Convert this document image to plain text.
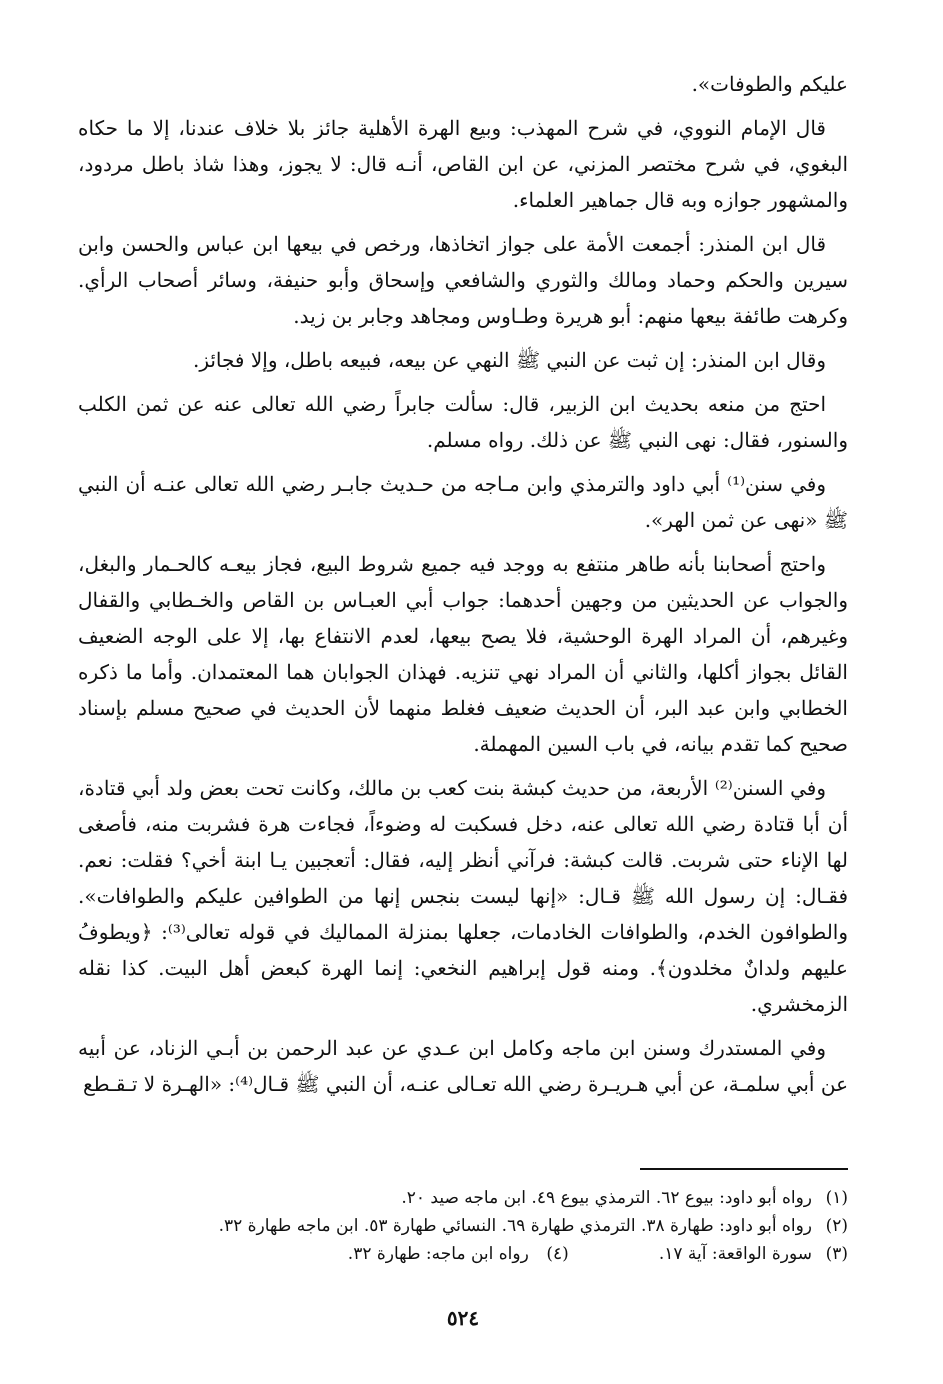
عليكم والطوفات».

قال الإمام النووي، في شرح المهذب: وبيع الهرة الأهلية جائز بلا خلاف عندنا، إلا ما حكاه البغوي، في شرح مختصر المزني، عن ابن القاص، أنـه قال: لا يجوز، وهذا شاذ باطل مردود، والمشهور جوازه وبه قال جماهير العلماء.

قال ابن المنذر: أجمعت الأمة على جواز اتخاذها، ورخص في بيعها ابن عباس والحسن وابن سيرين والحكم وحماد ومالك والثوري والشافعي وإسحاق وأبو حنيفة، وسائر أصحاب الرأي. وكرهت طائفة بيعها منهم: أبو هريرة وطـاوس ومجاهد وجابر بن زيد.

وقال ابن المنذر: إن ثبت عن النبي ﷺ النهي عن بيعه، فبيعه باطل، وإلا فجائز.

احتج من منعه بحديث ابن الزبير، قال: سألت جابراً رضي الله تعالى عنه عن ثمن الكلب والسنور، فقال: نهى النبي ﷺ عن ذلك. رواه مسلم.

وفي سنن⁽¹⁾ أبي داود والترمذي وابن مـاجه من حـديث جابـر رضي الله تعالى عنـه أن النبي ﷺ «نهى عن ثمن الهر».

واحتج أصحابنا بأنه طاهر منتفع به ووجد فيه جميع شروط البيع، فجاز بيعـه كالحـمار والبغل، والجواب عن الحديثين من وجهين أحدهما: جواب أبي العبـاس بن القاص والخـطابي والقفال وغيرهم، أن المراد الهرة الوحشية، فلا يصح بيعها، لعدم الانتفاع بها، إلا على الوجه الضعيف القائل بجواز أكلها، والثاني أن المراد نهي تنزيه. فهذان الجوابان هما المعتمدان. وأما ما ذكره الخطابي وابن عبد البر، أن الحديث ضعيف فغلط منهما لأن الحديث في صحيح مسلم بإسناد صحيح كما تقدم بيانه، في باب السين المهملة.

وفي السنن⁽²⁾ الأربعة، من حديث كبشة بنت كعب بن مالك، وكانت تحت بعض ولد أبي قتادة، أن أبا قتادة رضي الله تعالى عنه، دخل فسكبت له وضوءاً، فجاءت هرة فشربت منه، فأصغى لها الإناء حتى شربت. قالت كبشة: فرآني أنظر إليه، فقال: أتعجبين يـا ابنة أخي؟ فقلت: نعم. فقـال: إن رسول الله ﷺ قـال: «إنها ليست بنجس إنها من الطوافين عليكم والطوافات». والطوافون الخدم، والطوافات الخادمات، جعلها بمنزلة المماليك في قوله تعالى⁽³⁾: ﴿ويطوفُ عليهم ولدانٌ مخلدون﴾. ومنه قول إبراهيم النخعي: إنما الهرة كبعض أهل البيت. كذا نقله الزمخشري.

وفي المستدرك وسنن ابن ماجه وكامل ابن عـدي عن عبد الرحمن بن أبـي الزناد، عن أبيه عن أبي سلمـة، عن أبي هـريـرة رضي الله تعـالى عنـه، أن النبي ﷺ قـال⁽⁴⁾: «الهـرة لا تـقـطع

(١)
رواه أبو داود: بيوع ٦٢. الترمذي بيوع ٤٩. ابن ماجه صيد ٢٠.
(٢)
رواه أبو داود: طهارة ٣٨. الترمذي طهارة ٦٩. النسائي طهارة ٥٣. ابن ماجه طهارة ٣٢.
(٣)
سورة الواقعة: آية ١٧.
(٤)
رواه ابن ماجه: طهارة ٣٢.
٥٢٤
